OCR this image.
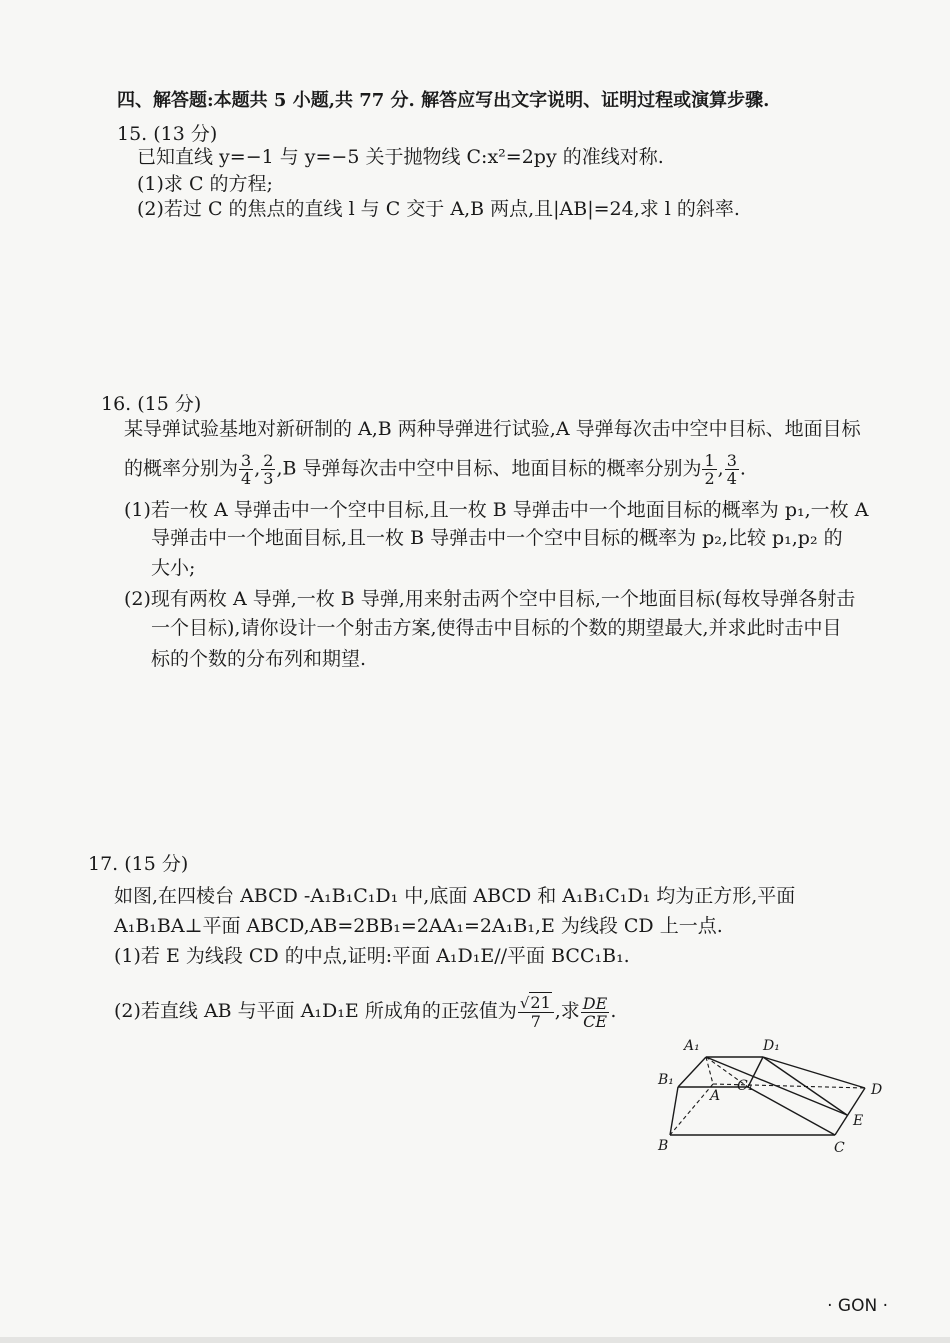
四、解答题:本题共 5 小题,共 77 分. 解答应写出文字说明、证明过程或演算步骤.
15. (13 分)
已知直线 y=−1 与 y=−5 关于抛物线 C:x²=2py 的准线对称.
(1)求 C 的方程;
(2)若过 C 的焦点的直线 l 与 C 交于 A,B 两点,且|AB|=24,求 l 的斜率.
16. (15 分)
某导弹试验基地对新研制的 A,B 两种导弹进行试验,A 导弹每次击中空中目标、地面目标
的概率分别为 $\frac{3}{4}$ , $\frac{2}{3} ,B$ 导弹每次击中空中目标、地面目标的概率分别为 $\frac{1}{2}$ , $\frac{3}{4}$ .
(1)若一枚 A 导弹击中一个空中目标,且一枚 B 导弹击中一个地面目标的概率为 p₁,一枚 A
导弹击中一个地面目标,且一枚 B 导弹击中一个空中目标的概率为 p₂,比较 p₁,p₂ 的
大小;
(2)现有两枚 A 导弹,一枚 B 导弹,用来射击两个空中目标,一个地面目标(每枚导弹各射击
一个目标),请你设计一个射击方案,使得击中目标的个数的期望最大,并求此时击中目
标的个数的分布列和期望.
17. (15 分)
如图,在四棱台 ABCD -A₁B₁C₁D₁ 中,底面 ABCD 和 A₁B₁C₁D₁ 均为正方形,平面
A₁B₁BA⊥平面 ABCD,AB=2BB₁=2AA₁=2A₁B₁,E 为线段 CD 上一点.
(1)若 E 为线段 CD 的中点,证明:平面 A₁D₁E//平面 BCC₁B₁.
(2)若直线 AB 与平面 A₁D₁E 所成角的正弦值为 $\frac{√21}{7}$ ,求 $\frac{DE}{CE}$ .
A₁	D₁
B₁	C₁
A	D
E
B	C
· GON ·
